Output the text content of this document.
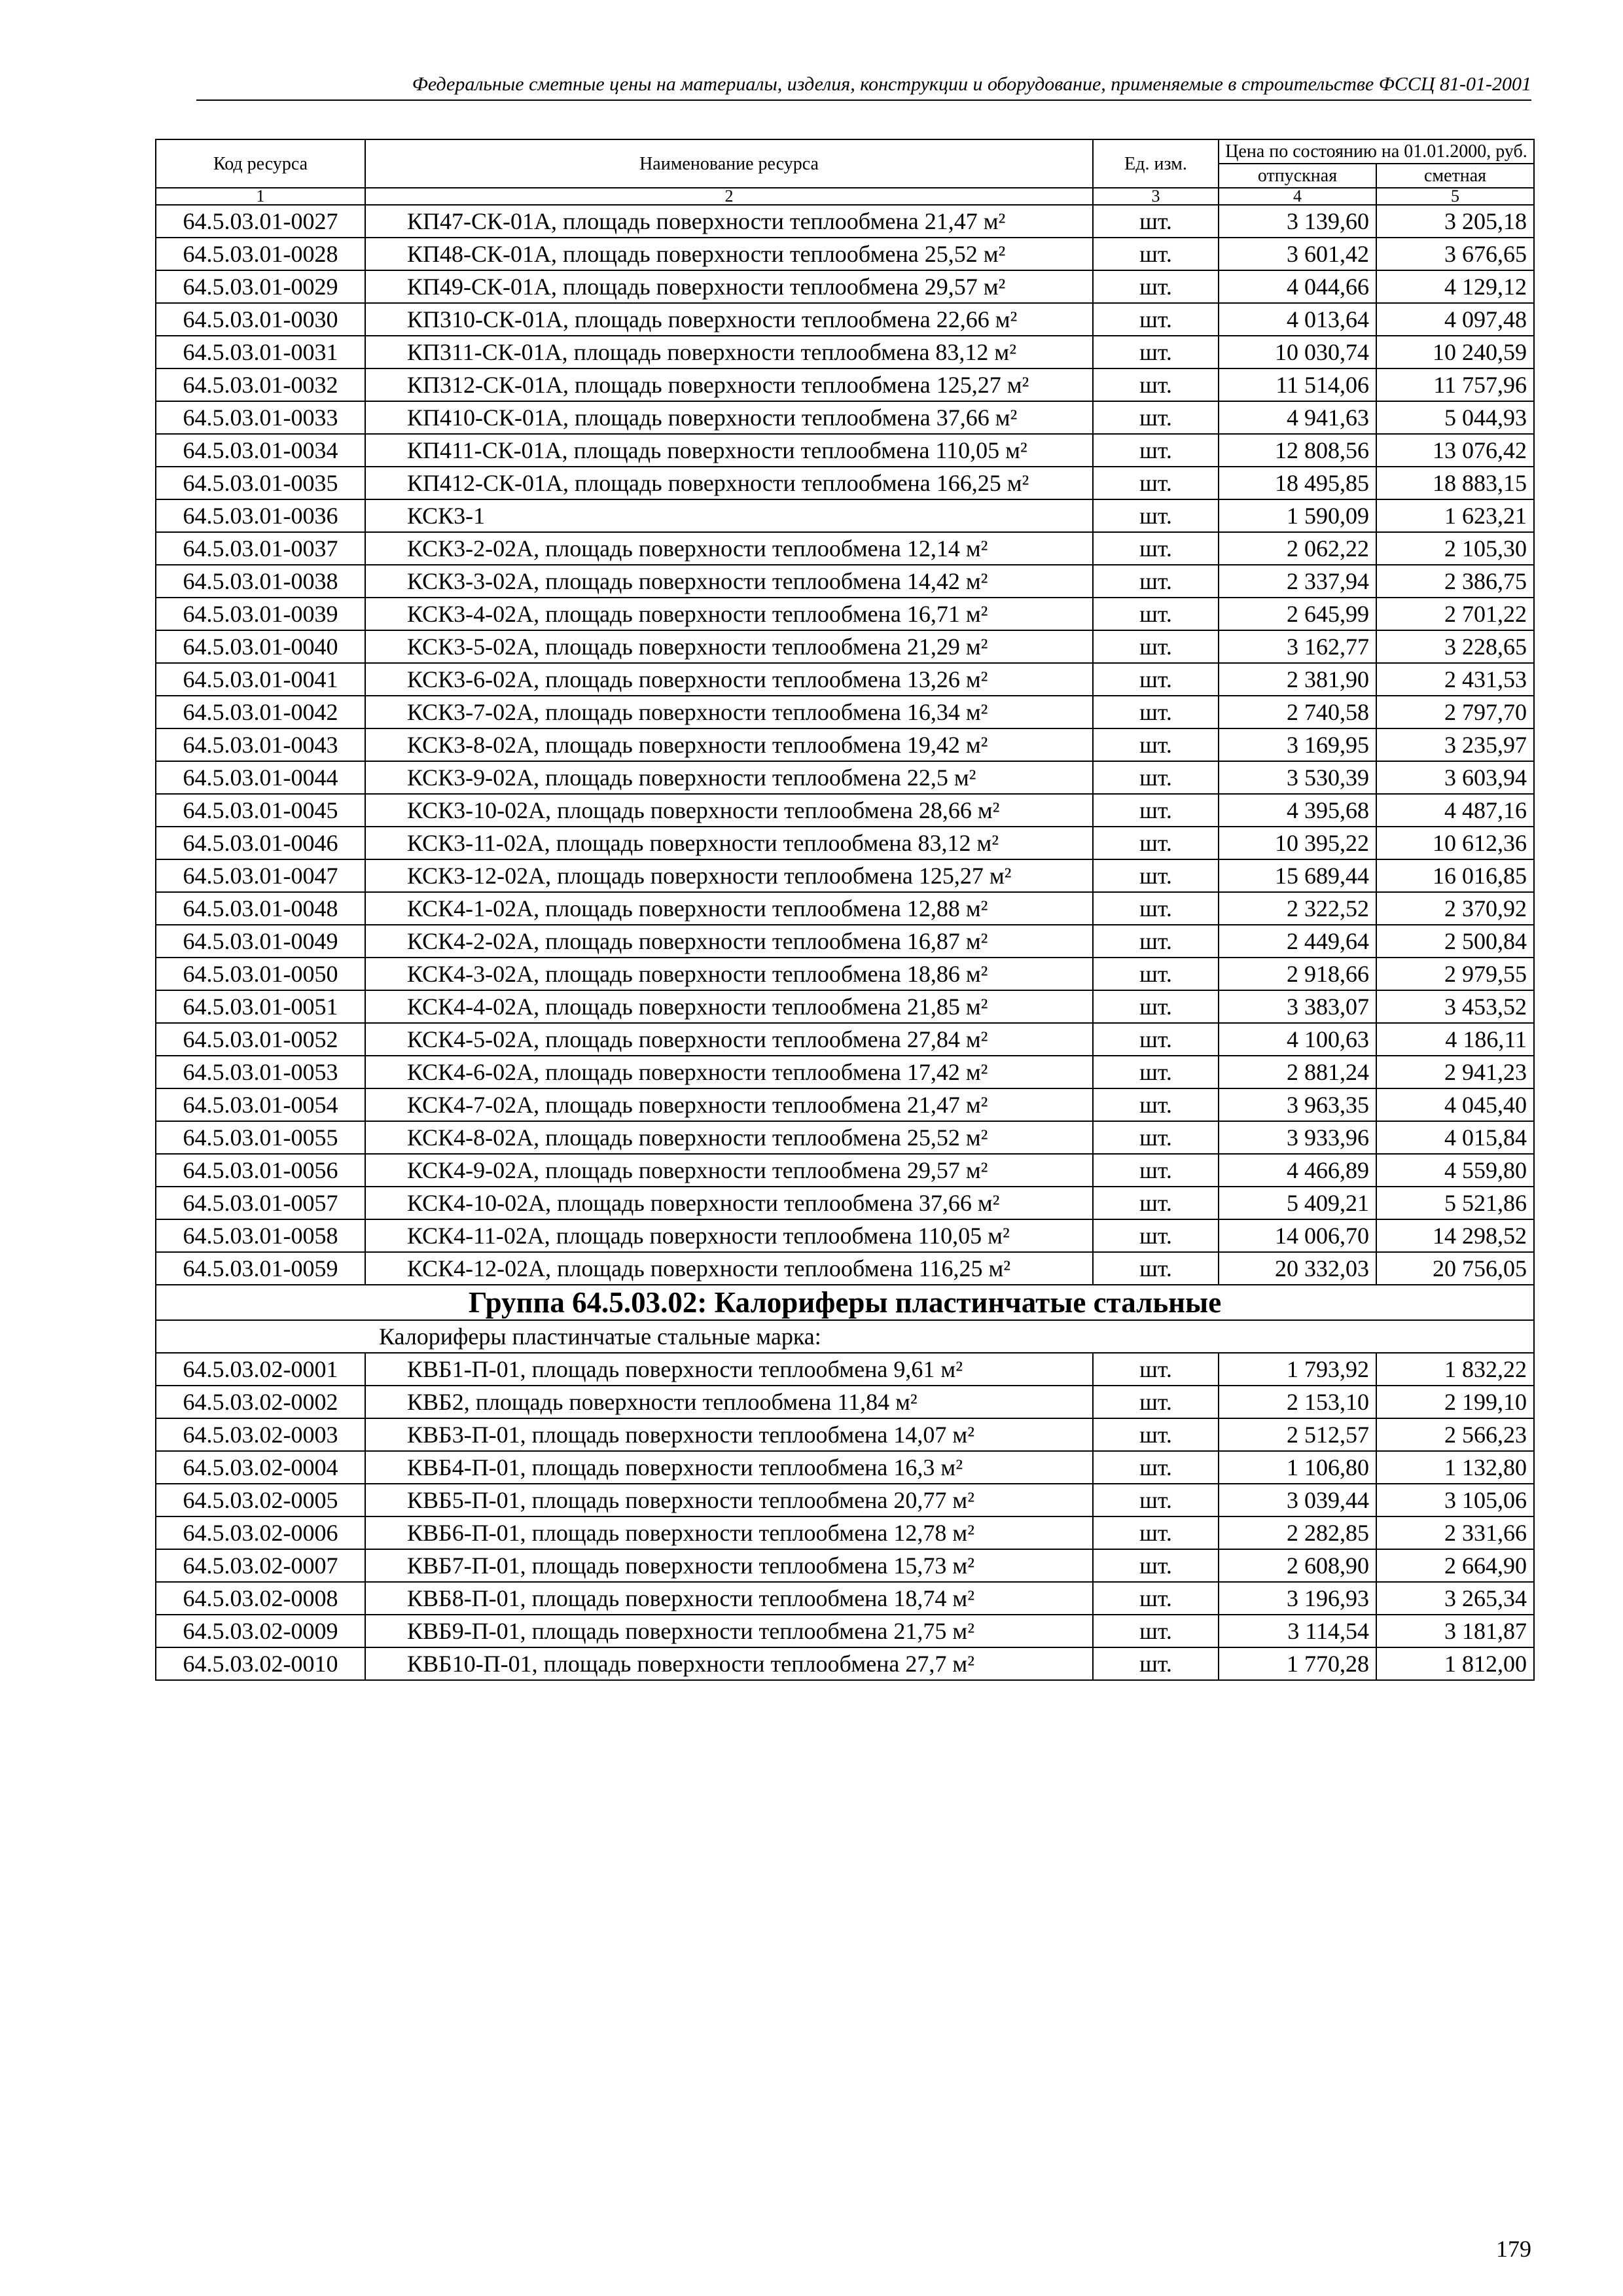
Федеральные сметные цены на материалы, изделия, конструкции и оборудование, применяемые в строительстве ФССЦ 81-01-2001
Код ресурса	Наименование ресурса	Ед. изм.	Цена по состоянию на 01.01.2000, руб.	
			отпускная	сметная
1	2	3	4	5
64.5.03.01-0027	КП47-СК-01А, площадь поверхности теплообмена 21,47 м²	шт.	3 139,60	3 205,18
64.5.03.01-0028	КП48-СК-01А, площадь поверхности теплообмена 25,52 м²	шт.	3 601,42	3 676,65
64.5.03.01-0029	КП49-СК-01А, площадь поверхности теплообмена 29,57 м²	шт.	4 044,66	4 129,12
64.5.03.01-0030	КП310-СК-01А, площадь поверхности теплообмена 22,66 м²	шт.	4 013,64	4 097,48
64.5.03.01-0031	КП311-СК-01А, площадь поверхности теплообмена 83,12 м²	шт.	10 030,74	10 240,59
64.5.03.01-0032	КП312-СК-01А, площадь поверхности теплообмена 125,27 м²	шт.	11 514,06	11 757,96
64.5.03.01-0033	КП410-СК-01А, площадь поверхности теплообмена 37,66 м²	шт.	4 941,63	5 044,93
64.5.03.01-0034	КП411-СК-01А, площадь поверхности теплообмена 110,05 м²	шт.	12 808,56	13 076,42
64.5.03.01-0035	КП412-СК-01А, площадь поверхности теплообмена 166,25 м²	шт.	18 495,85	18 883,15
64.5.03.01-0036	КСК3-1	шт.	1 590,09	1 623,21
64.5.03.01-0037	КСК3-2-02А, площадь поверхности теплообмена 12,14 м²	шт.	2 062,22	2 105,30
64.5.03.01-0038	КСК3-3-02А, площадь поверхности теплообмена 14,42 м²	шт.	2 337,94	2 386,75
64.5.03.01-0039	КСК3-4-02А, площадь поверхности теплообмена 16,71 м²	шт.	2 645,99	2 701,22
64.5.03.01-0040	КСК3-5-02А, площадь поверхности теплообмена 21,29 м²	шт.	3 162,77	3 228,65
64.5.03.01-0041	КСК3-6-02А, площадь поверхности теплообмена 13,26 м²	шт.	2 381,90	2 431,53
64.5.03.01-0042	КСК3-7-02А, площадь поверхности теплообмена 16,34 м²	шт.	2 740,58	2 797,70
64.5.03.01-0043	КСК3-8-02А, площадь поверхности теплообмена 19,42 м²	шт.	3 169,95	3 235,97
64.5.03.01-0044	КСК3-9-02А, площадь поверхности теплообмена 22,5 м²	шт.	3 530,39	3 603,94
64.5.03.01-0045	КСК3-10-02А, площадь поверхности теплообмена 28,66 м²	шт.	4 395,68	4 487,16
64.5.03.01-0046	КСК3-11-02А, площадь поверхности теплообмена 83,12 м²	шт.	10 395,22	10 612,36
64.5.03.01-0047	КСК3-12-02А, площадь поверхности теплообмена 125,27 м²	шт.	15 689,44	16 016,85
64.5.03.01-0048	КСК4-1-02А, площадь поверхности теплообмена 12,88 м²	шт.	2 322,52	2 370,92
64.5.03.01-0049	КСК4-2-02А, площадь поверхности теплообмена 16,87 м²	шт.	2 449,64	2 500,84
64.5.03.01-0050	КСК4-3-02А, площадь поверхности теплообмена 18,86 м²	шт.	2 918,66	2 979,55
64.5.03.01-0051	КСК4-4-02А, площадь поверхности теплообмена 21,85 м²	шт.	3 383,07	3 453,52
64.5.03.01-0052	КСК4-5-02А, площадь поверхности теплообмена 27,84 м²	шт.	4 100,63	4 186,11
64.5.03.01-0053	КСК4-6-02А, площадь поверхности теплообмена 17,42 м²	шт.	2 881,24	2 941,23
64.5.03.01-0054	КСК4-7-02А, площадь поверхности теплообмена 21,47 м²	шт.	3 963,35	4 045,40
64.5.03.01-0055	КСК4-8-02А, площадь поверхности теплообмена 25,52 м²	шт.	3 933,96	4 015,84
64.5.03.01-0056	КСК4-9-02А, площадь поверхности теплообмена 29,57 м²	шт.	4 466,89	4 559,80
64.5.03.01-0057	КСК4-10-02А, площадь поверхности теплообмена 37,66 м²	шт.	5 409,21	5 521,86
64.5.03.01-0058	КСК4-11-02А, площадь поверхности теплообмена 110,05 м²	шт.	14 006,70	14 298,52
64.5.03.01-0059	КСК4-12-02А, площадь поверхности теплообмена 116,25 м²	шт.	20 332,03	20 756,05
Группа 64.5.03.02: Калориферы пластинчатые стальные				
Калориферы пластинчатые стальные марка:				
64.5.03.02-0001	КВБ1-П-01, площадь поверхности теплообмена 9,61 м²	шт.	1 793,92	1 832,22
64.5.03.02-0002	КВБ2, площадь поверхности теплообмена 11,84 м²	шт.	2 153,10	2 199,10
64.5.03.02-0003	КВБ3-П-01, площадь поверхности теплообмена 14,07 м²	шт.	2 512,57	2 566,23
64.5.03.02-0004	КВБ4-П-01, площадь поверхности теплообмена 16,3 м²	шт.	1 106,80	1 132,80
64.5.03.02-0005	КВБ5-П-01, площадь поверхности теплообмена 20,77 м²	шт.	3 039,44	3 105,06
64.5.03.02-0006	КВБ6-П-01, площадь поверхности теплообмена 12,78 м²	шт.	2 282,85	2 331,66
64.5.03.02-0007	КВБ7-П-01, площадь поверхности теплообмена 15,73 м²	шт.	2 608,90	2 664,90
64.5.03.02-0008	КВБ8-П-01, площадь поверхности теплообмена 18,74 м²	шт.	3 196,93	3 265,34
64.5.03.02-0009	КВБ9-П-01, площадь поверхности теплообмена 21,75 м²	шт.	3 114,54	3 181,87
64.5.03.02-0010	КВБ10-П-01, площадь поверхности теплообмена 27,7 м²	шт.	1 770,28	1 812,00
179
